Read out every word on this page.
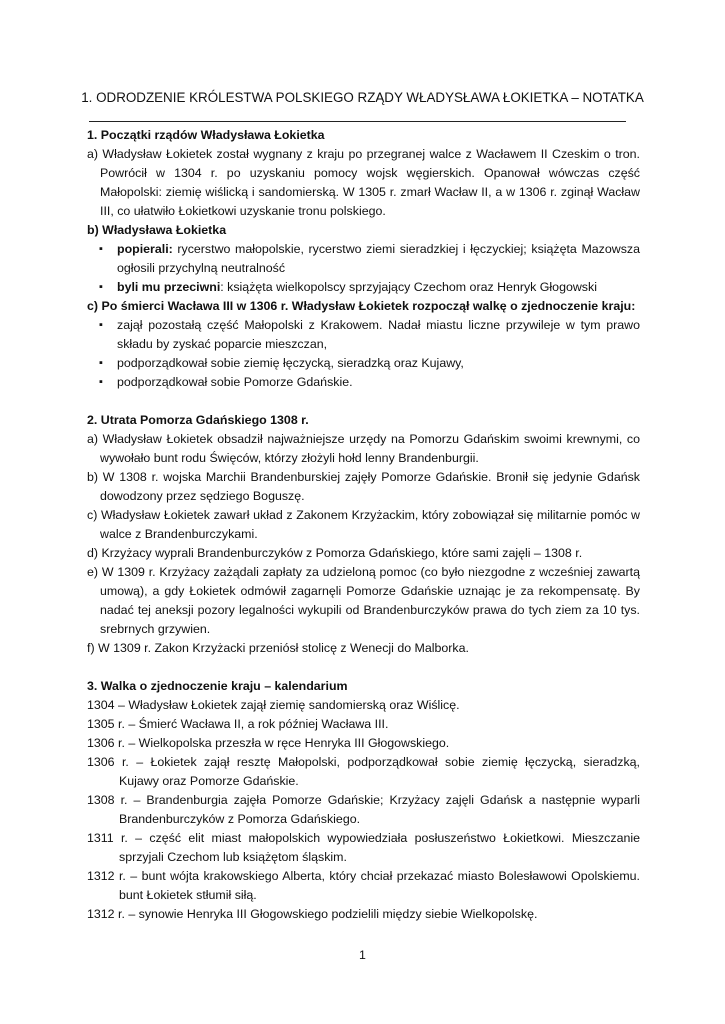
1. ODRODZENIE KRÓLESTWA POLSKIEGO RZĄDY WŁADYSŁAWA ŁOKIETKA – NOTATKA
1. Początki rządów Władysława Łokietka
a) Władysław Łokietek został wygnany z kraju po przegranej walce z Wacławem II Czeskim o tron. Powrócił w 1304 r. po uzyskaniu pomocy wojsk węgierskich. Opanował wówczas część Małopolski: ziemię wiślicką i sandomierską. W 1305 r. zmarł Wacław II, a w 1306 r. zginął Wacław III, co ułatwiło Łokietkowi uzyskanie tronu polskiego.
b) Władysława Łokietka
▪ popierali: rycerstwo małopolskie, rycerstwo ziemi sieradzkiej i łęczyckiej; książęta Mazowsza ogłosili przychylną neutralność
▪ byli mu przeciwni: książęta wielkopolscy sprzyjający Czechom oraz Henryk Głogowski
c) Po śmierci Wacława III w 1306 r. Władysław Łokietek rozpoczął walkę o zjednoczenie kraju:
▪ zajął pozostałą część Małopolski z Krakowem. Nadał miastu liczne przywileje w tym prawo składu by zyskać poparcie mieszczan,
▪ podporządkował sobie ziemię łęczycką, sieradzką oraz Kujawy,
▪ podporządkował sobie Pomorze Gdańskie.
2. Utrata Pomorza Gdańskiego 1308 r.
a) Władysław Łokietek obsadził najważniejsze urzędy na Pomorzu Gdańskim swoimi krewnymi, co wywołało bunt rodu Święców, którzy złożyli hołd lenny Brandenburgii.
b) W 1308 r. wojska Marchii Brandenburskiej zajęły Pomorze Gdańskie. Bronił się jedynie Gdańsk dowodzony przez sędziego Boguszę.
c) Władysław Łokietek zawarł układ z Zakonem Krzyżackim, który zobowiązał się militarnie pomóc w walce z Brandenburczykami.
d) Krzyżacy wyprali Brandenburczyków z Pomorza Gdańskiego, które sami zajęli – 1308 r.
e) W 1309 r. Krzyżacy zażądali zapłaty za udzieloną pomoc (co było niezgodne z wcześniej zawartą umową), a gdy Łokietek odmówił zagarnęli Pomorze Gdańskie uznając je za rekompensatę. By nadać tej aneksji pozory legalności wykupili od Brandenburczyków prawa do tych ziem za 10 tys. srebrnych grzywien.
f) W 1309 r. Zakon Krzyżacki przeniósł stolicę z Wenecji do Malborka.
3. Walka o zjednoczenie kraju – kalendarium
1304 – Władysław Łokietek zajął ziemię sandomierską oraz Wiślicę.
1305 r. – Śmierć Wacława II, a rok później Wacława III.
1306 r. – Wielkopolska przeszła w ręce Henryka III Głogowskiego.
1306 r. – Łokietek zajął resztę Małopolski, podporządkował sobie ziemię łęczycką, sieradzką, Kujawy oraz Pomorze Gdańskie.
1308 r. – Brandenburgia zajęła Pomorze Gdańskie; Krzyżacy zajęli Gdańsk a następnie wyparli Brandenburczyków z Pomorza Gdańskiego.
1311 r. – część elit miast małopolskich wypowiedziała posłuszeństwo Łokietkowi. Mieszczanie sprzyjali Czechom lub książętom śląskim.
1312 r. – bunt wójta krakowskiego Alberta, który chciał przekazać miasto Bolesławowi Opolskiemu. bunt Łokietek stłumił siłą.
1312 r. – synowie Henryka III Głogowskiego podzielili między siebie Wielkopolskę.
1
